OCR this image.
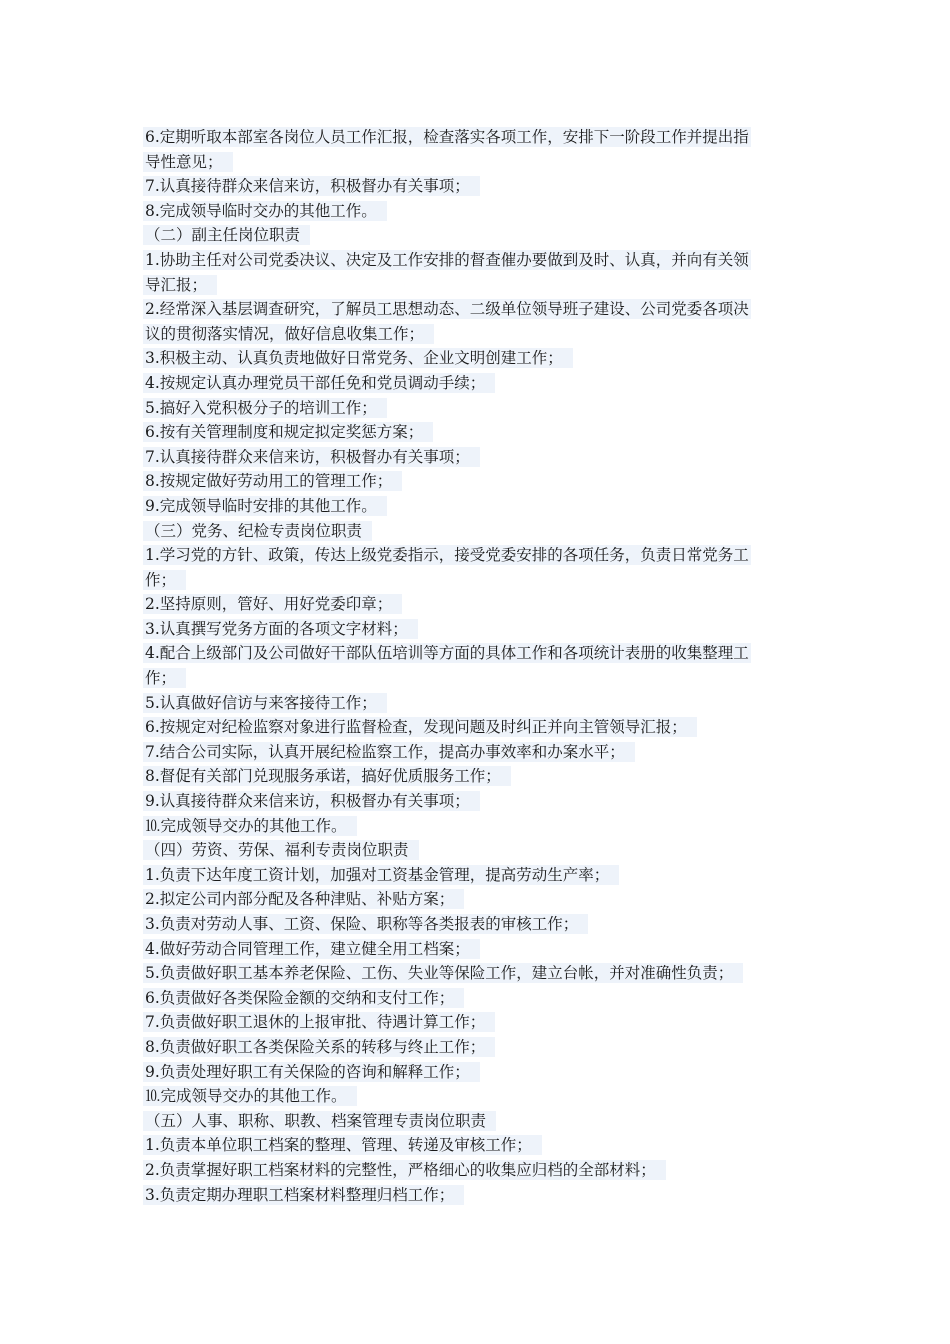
6.定期听取本部室各岗位人员工作汇报，检查落实各项工作，安排下一阶段工作并提出指
导性意见；
7.认真接待群众来信来访，积极督办有关事项；
8.完成领导临时交办的其他工作。
（二）副主任岗位职责
1.协助主任对公司党委决议、决定及工作安排的督查催办要做到及时、认真，并向有关领
导汇报；
2.经常深入基层调查研究，了解员工思想动态、二级单位领导班子建设、公司党委各项决
议的贯彻落实情况，做好信息收集工作；
3.积极主动、认真负责地做好日常党务、企业文明创建工作；
4.按规定认真办理党员干部任免和党员调动手续；
5.搞好入党积极分子的培训工作；
6.按有关管理制度和规定拟定奖惩方案；
7.认真接待群众来信来访，积极督办有关事项；
8.按规定做好劳动用工的管理工作；
9.完成领导临时安排的其他工作。
（三）党务、纪检专责岗位职责
1.学习党的方针、政策，传达上级党委指示，接受党委安排的各项任务，负责日常党务工
作；
2.坚持原则，管好、用好党委印章；
3.认真撰写党务方面的各项文字材料；
4.配合上级部门及公司做好干部队伍培训等方面的具体工作和各项统计表册的收集整理工
作；
5.认真做好信访与来客接待工作；
6.按规定对纪检监察对象进行监督检查，发现问题及时纠正并向主管领导汇报；
7.结合公司实际，认真开展纪检监察工作，提高办事效率和办案水平；
8.督促有关部门兑现服务承诺，搞好优质服务工作；
9.认真接待群众来信来访，积极督办有关事项；
⒑完成领导交办的其他工作。
（四）劳资、劳保、福利专责岗位职责
1.负责下达年度工资计划，加强对工资基金管理，提高劳动生产率；
2.拟定公司内部分配及各种津贴、补贴方案；
3.负责对劳动人事、工资、保险、职称等各类报表的审核工作；
4.做好劳动合同管理工作，建立健全用工档案；
5.负责做好职工基本养老保险、工伤、失业等保险工作，建立台帐，并对准确性负责；
6.负责做好各类保险金额的交纳和支付工作；
7.负责做好职工退休的上报审批、待遇计算工作；
8.负责做好职工各类保险关系的转移与终止工作；
9.负责处理好职工有关保险的咨询和解释工作；
⒑完成领导交办的其他工作。
（五）人事、职称、职教、档案管理专责岗位职责
1.负责本单位职工档案的整理、管理、转递及审核工作；
2.负责掌握好职工档案材料的完整性，严格细心的收集应归档的全部材料；
3.负责定期办理职工档案材料整理归档工作；
